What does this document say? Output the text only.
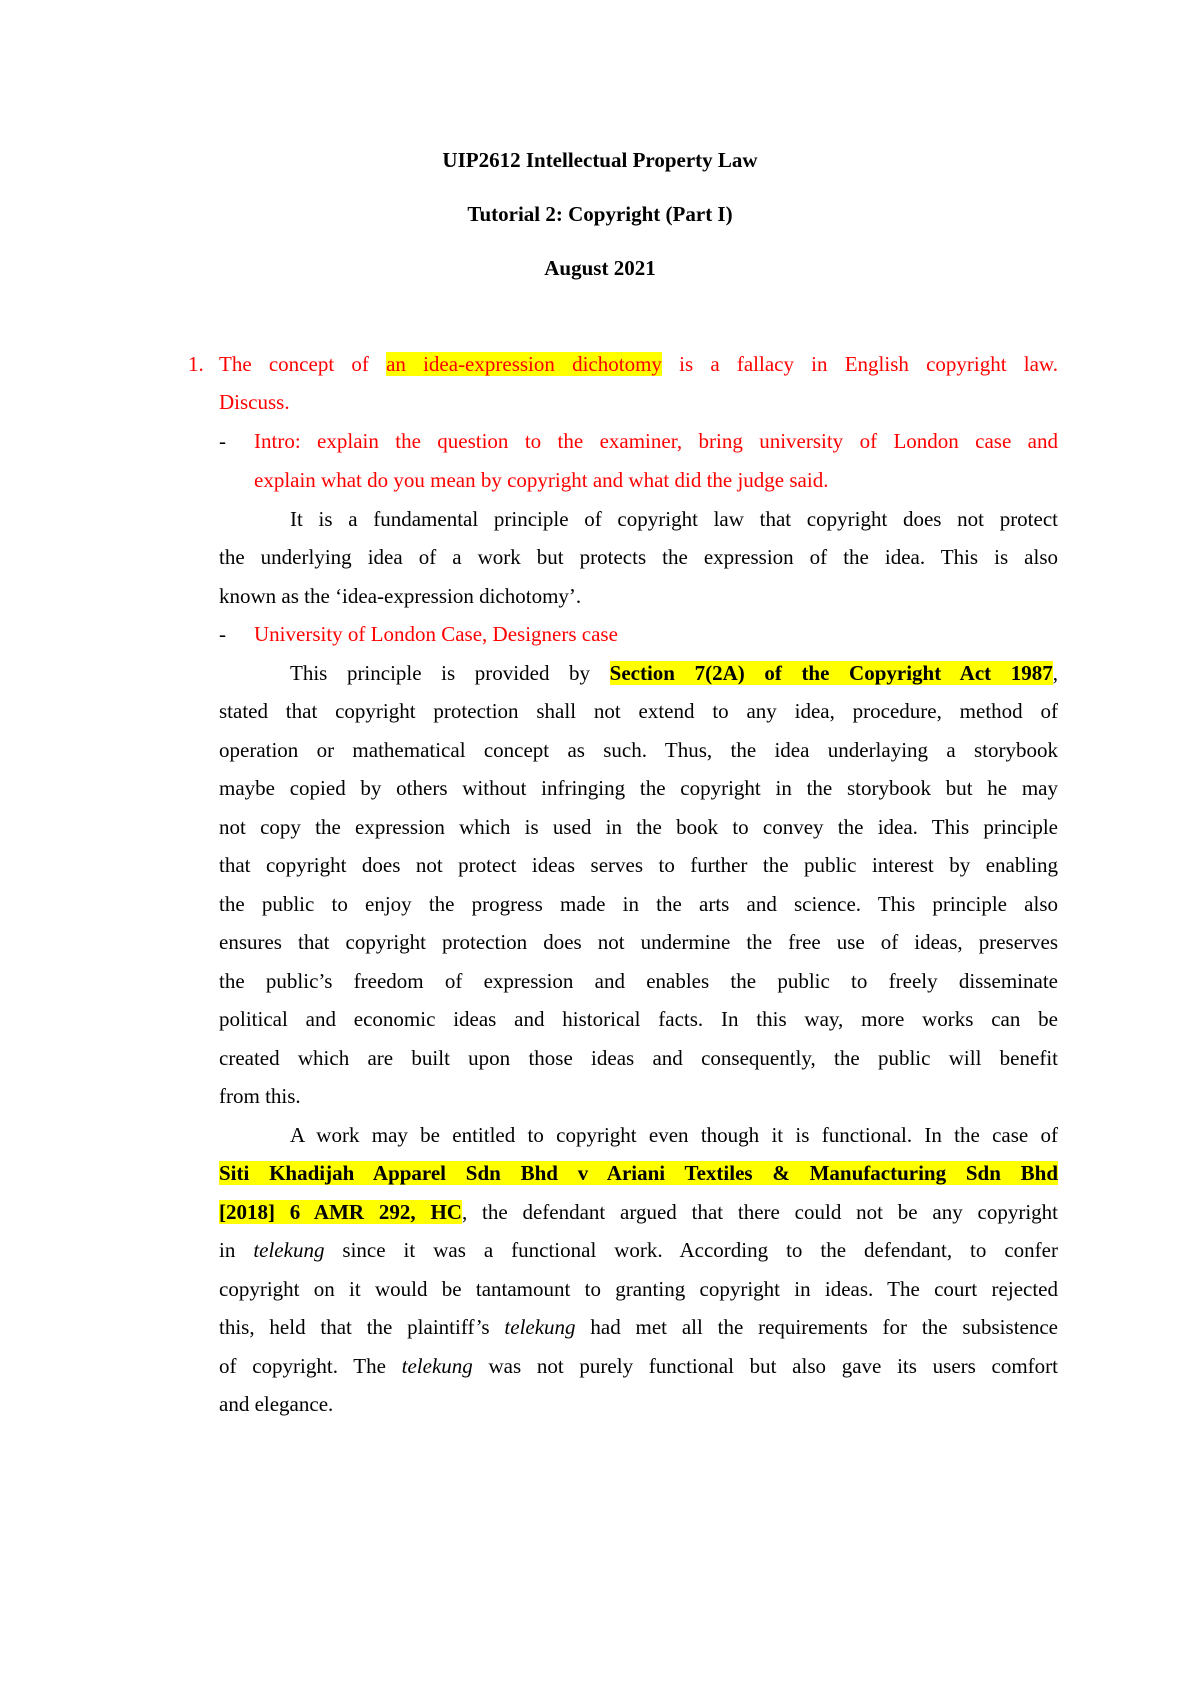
UIP2612 Intellectual Property Law
Tutorial 2: Copyright (Part I)
August 2021
1. The concept of an idea-expression dichotomy is a fallacy in English copyright law.
Discuss.
- Intro: explain the question to the examiner, bring university of London case and
explain what do you mean by copyright and what did the judge said.
It is a fundamental principle of copyright law that copyright does not protect
the underlying idea of a work but protects the expression of the idea. This is also
known as the ‘idea-expression dichotomy’.
- University of London Case, Designers case
This principle is provided by Section 7(2A) of the Copyright Act 1987,
stated that copyright protection shall not extend to any idea, procedure, method of
operation or mathematical concept as such. Thus, the idea underlaying a storybook
maybe copied by others without infringing the copyright in the storybook but he may
not copy the expression which is used in the book to convey the idea. This principle
that copyright does not protect ideas serves to further the public interest by enabling
the public to enjoy the progress made in the arts and science. This principle also
ensures that copyright protection does not undermine the free use of ideas, preserves
the public’s freedom of expression and enables the public to freely disseminate
political and economic ideas and historical facts. In this way, more works can be
created which are built upon those ideas and consequently, the public will benefit
from this.
A work may be entitled to copyright even though it is functional. In the case of
Siti Khadijah Apparel Sdn Bhd v Ariani Textiles & Manufacturing Sdn Bhd
[2018] 6 AMR 292, HC, the defendant argued that there could not be any copyright
in telekung since it was a functional work. According to the defendant, to confer
copyright on it would be tantamount to granting copyright in ideas. The court rejected
this, held that the plaintiff’s telekung had met all the requirements for the subsistence
of copyright. The telekung was not purely functional but also gave its users comfort
and elegance.
